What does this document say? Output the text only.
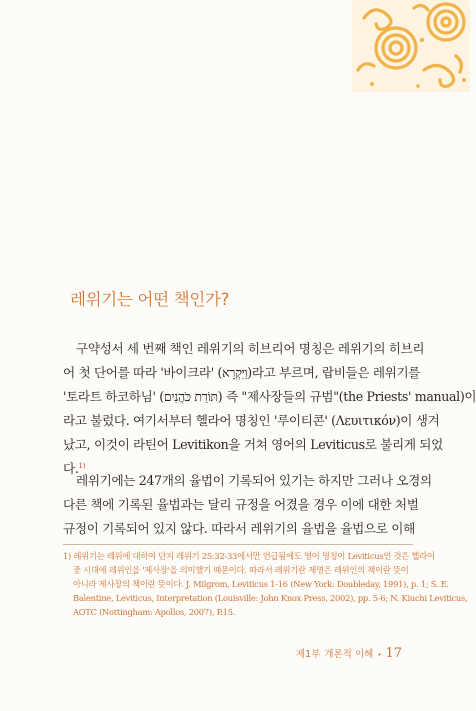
레위기는 어떤 책인가?
구약성서 세 번째 책인 레위기의 히브리어 명칭은 레위기의 히브리
어 첫 단어를 따라 '바이크라' (וַיִּקְרָא)라고 부르며, 랍비들은 레위기를
'토라트 하코하님' (תּוֹרַת כֹּהֲנִים) 즉 "제사장들의 규범"(the Priests' manual)이
라고 불렀다. 여기서부터 헬라어 명칭인 '루이티콘' (Λευιτικόν)이 생겨
났고, 이것이 라틴어 Levitikon을 거쳐 영어의 Leviticus로 불리게 되었
다.$^{1)}$
레위기에는 247개의 율법이 기록되어 있기는 하지만 그러나 오경의
다른 책에 기록된 율법과는 달리 규정을 어겼을 경우 이에 대한 처벌
규정이 기록되어 있지 않다. 따라서 레위기의 율법을 율법으로 이해
1) 레위기는 레위에 대하여 단지 레위기 25:32-33에서만 언급됨에도 영어 명칭이 Leviticus인 것은 헬라어
중 시대에 레위인을 '제사장'을 의미했기 때문이다. 따라서 레위기란 제명은 레위인의 책이란 뜻이
아니라 제사장의 책이란 뜻이다. J. Milgrom, Leviticus 1-16 (New York: Doubleday, 1991), p. 1; S. E.
Balentine, Leviticus, Interpretation (Louisville: John Knox Press, 2002), pp. 5-6; N. Kiuchi Leviticus,
AOTC (Nottingham: Apollos, 2007), P.15.
제1부 개론적 이해 • 17
